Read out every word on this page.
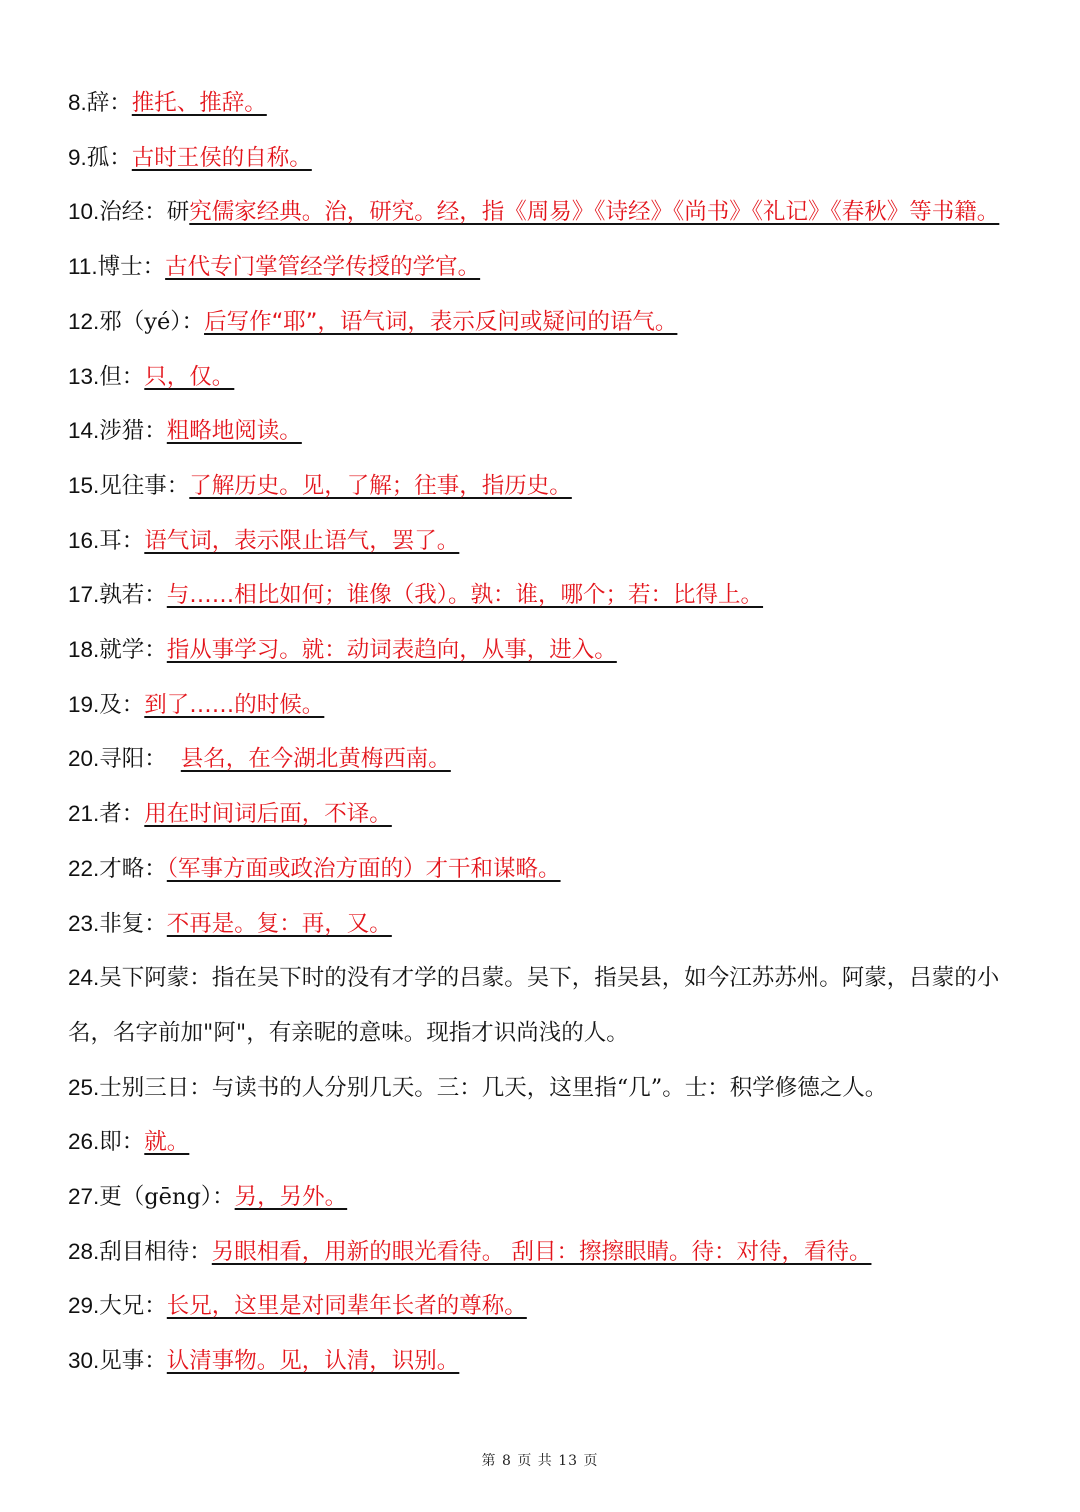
8.辞：推托、推辞。
9.孤：古时王侯的自称。
10.治经：研究儒家经典。治，研究。经，指《周易》《诗经》《尚书》《礼记》《春秋》等书籍。
11.博士：古代专门掌管经学传授的学官。
12.邪（yé）：后写作“耶”，语气词，表示反问或疑问的语气。
13.但：只，仅。
14.涉猎：粗略地阅读。
15.见往事：了解历史。见，了解；往事，指历史。
16.耳：语气词，表示限止语气，罢了。
17.孰若：与……相比如何；谁像（我）。孰：谁，哪个；若：比得上。
18.就学：指从事学习。就：动词表趋向，从事，进入。
19.及：到了……的时候。
20.寻阳： 县名，在今湖北黄梅西南。
21.者：用在时间词后面，不译。
22.才略：（军事方面或政治方面的）才干和谋略。
23.非复：不再是。复：再，又。
24.吴下阿蒙：指在吴下时的没有才学的吕蒙。吴下，指吴县，如今江苏苏州。阿蒙，吕蒙的小名，名字前加"阿"，有亲昵的意味。现指才识尚浅的人。
25.士别三日：与读书的人分别几天。三：几天，这里指“几”。士：积学修德之人。
26.即：就。
27.更（gēng）：另，另外。
28.刮目相待：另眼相看，用新的眼光看待。 刮目：擦擦眼睛。待：对待，看待。
29.大兄：长兄，这里是对同辈年长者的尊称。
30.见事：认清事物。见，认清，识别。
第 8 页 共 13 页
